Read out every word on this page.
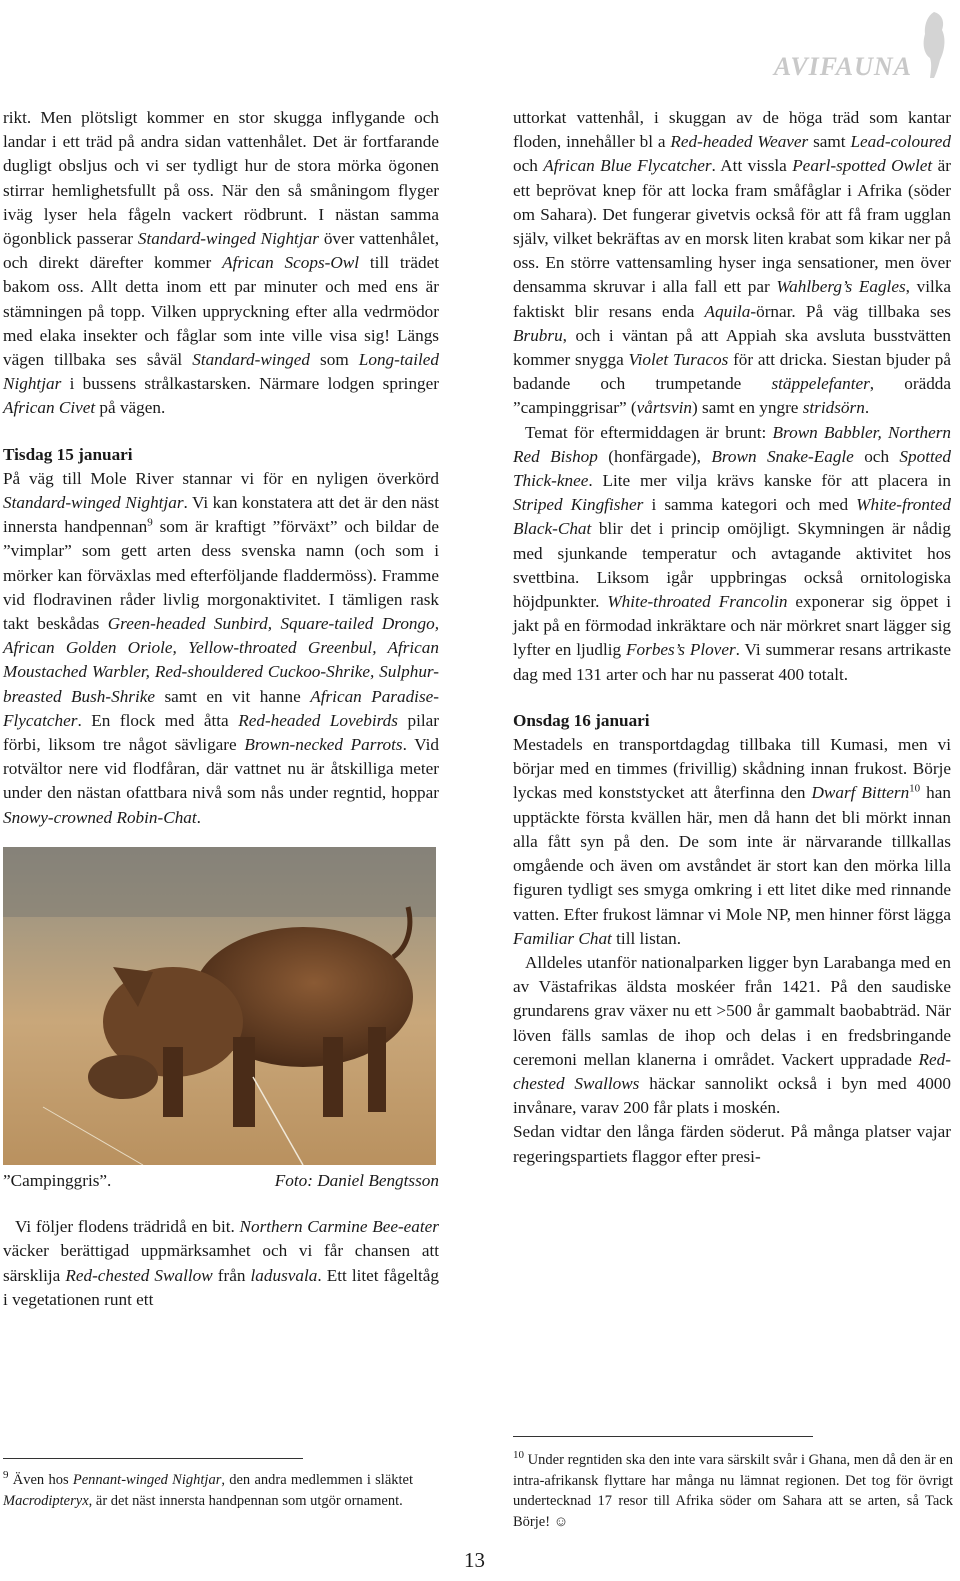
AVIFAUNA

rikt. Men plötsligt kommer en stor skugga inflygande och landar i ett träd på andra sidan vattenhålet. Det är fortfarande dugligt obsljus och vi ser tydligt hur de stora mörka ögonen stirrar hemlighetsfullt på oss. När den så småningom flyger iväg lyser hela fågeln vackert rödbrunt. I nästan samma ögonblick passerar Standard-winged Nightjar över vattenhålet, och direkt därefter kommer African Scops-Owl till trädet bakom oss. Allt detta inom ett par minuter och med ens är stämningen på topp. Vilken uppryckning efter alla vedrmödor med elaka insekter och fåglar som inte ville visa sig! Längs vägen tillbaka ses såväl Standard-winged som Long-tailed Nightjar i bussens strålkastarsken. Närmare lodgen springer African Civet på vägen.

Tisdag 15 januari

På väg till Mole River stannar vi för en nyligen överkörd Standard-winged Nightjar. Vi kan konstatera att det är den näst innersta handpennan$^9$ som är kraftigt ”förväxt” och bildar de ”vimplar” som gett arten dess svenska namn (och som i mörker kan förväxlas med efterföljande fladdermöss). Framme vid flodravinen råder livlig morgonaktivitet. I tämligen rask takt beskådas Green-headed Sunbird, Square-tailed Drongo, African Golden Oriole, Yellow-throated Greenbul, African Moustached Warbler, Red-shouldered Cuckoo-Shrike, Sulphur-breasted Bush-Shrike samt en vit hanne African Paradise-Flycatcher. En flock med åtta Red-headed Lovebirds pilar förbi, liksom tre något sävligare Brown-necked Parrots. Vid rotvältor nere vid flodfåran, där vattnet nu är åtskilliga meter under den nästan ofattbara nivå som nås under regntid, hoppar Snowy-crowned Robin-Chat.

”Campinggris”.	Foto: Daniel Bengtsson

Vi följer flodens trädridå en bit. Northern Carmine Bee-eater väcker berättigad uppmärksamhet och vi får chansen att särsklija Red-chested Swallow från ladusvala. Ett litet fågeltåg i vegetationen runt ett

$^9$ Även hos Pennant-winged Nightjar, den andra medlemmen i släktet Macrodipteryx, är det näst innersta handpennan som utgör ornament.

uttorkat vattenhål, i skuggan av de höga träd som kantar floden, innehåller bl a Red-headed Weaver samt Lead-coloured och African Blue Flycatcher. Att vissla Pearl-spotted Owlet är ett beprövat knep för att locka fram småfåglar i Afrika (söder om Sahara). Det fungerar givetvis också för att få fram ugglan själv, vilket bekräftas av en morsk liten krabat som kikar ner på oss. En större vattensamling hyser inga sensationer, men över densamma skruvar i alla fall ett par Wahlberg’s Eagles, vilka faktiskt blir resans enda Aquila-örnar. På väg tillbaka ses Brubru, och i väntan på att Appiah ska avsluta busstvätten kommer snygga Violet Turacos för att dricka. Siestan bjuder på badande och trumpetande stäppelefanter, orädda ”campinggrisar” (vårtsvin) samt en yngre stridsörn.

Temat för eftermiddagen är brunt: Brown Babbler, Northern Red Bishop (honfärgade), Brown Snake-Eagle och Spotted Thick-knee. Lite mer vilja krävs kanske för att placera in Striped Kingfisher i samma kategori och med White-fronted Black-Chat blir det i princip omöjligt. Skymningen är nådig med sjunkande temperatur och avtagande aktivitet hos svettbina. Liksom igår uppbringas också ornitologiska höjdpunkter. White-throated Francolin exponerar sig öppet i jakt på en förmodad inkräktare och när mörkret snart lägger sig lyfter en ljudlig Forbes’s Plover. Vi summerar resans artrikaste dag med 131 arter och har nu passerat 400 totalt.

Onsdag 16 januari

Mestadels en transportdagdag tillbaka till Kumasi, men vi börjar med en timmes (frivillig) skådning innan frukost. Börje lyckas med konststycket att återfinna den Dwarf Bittern$^{10}$ han upptäckte första kvällen här, men då hann det bli mörkt innan alla fått syn på den. De som inte är närvarande tillkallas omgående och även om avståndet är stort kan den mörka lilla figuren tydligt ses smyga omkring i ett litet dike med rinnande vatten. Efter frukost lämnar vi Mole NP, men hinner först lägga Familiar Chat till listan.

Alldeles utanför nationalparken ligger byn Larabanga med en av Västafrikas äldsta moskéer från 1421. På den saudiske grundarens grav växer nu ett >500 år gammalt baobabträd. När löven fälls samlas de ihop och delas i en fredsbringande ceremoni mellan klanerna i området. Vackert uppradade Red-chested Swallows häckar sannolikt också i byn med 4000 invånare, varav 200 får plats i moskén.

Sedan vidtar den långa färden söderut. På många platser vajar regeringspartiets flaggor efter presi-

$^{10}$ Under regntiden ska den inte vara särskilt svår i Ghana, men då den är en intra-afrikansk flyttare har många nu lämnat regionen. Det tog för övrigt undertecknad 17 resor till Afrika söder om Sahara att se arten, så Tack Börje! ☺
13
